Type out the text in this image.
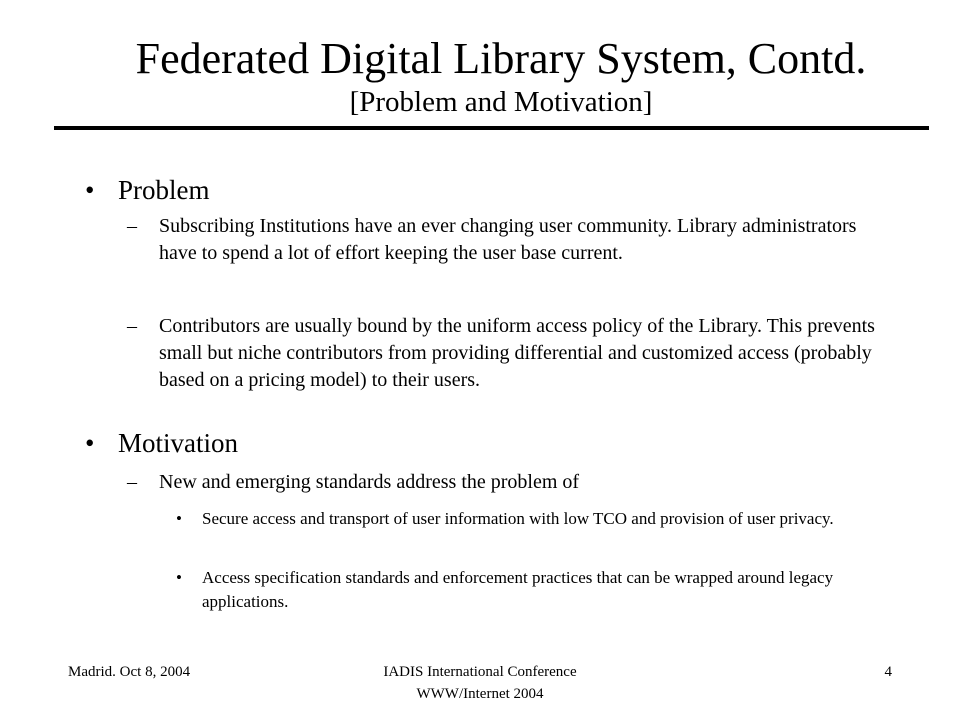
Federated Digital Library System, Contd.
[Problem and Motivation]

• Problem

– Subscribing Institutions have an ever changing user community. Library administrators have to spend a lot of effort keeping the user base current.

– Contributors are usually bound by the uniform access policy of the Library. This prevents small but niche contributors from providing differential and customized access (probably based on a pricing model) to their users.

• Motivation

– New and emerging standards address the problem of

• Secure access and transport of user information with low TCO and provision of user privacy.

• Access specification standards and enforcement practices that can be wrapped around legacy applications.

Madrid. Oct 8, 2004	IADIS International Conference
WWW/Internet 2004

4
